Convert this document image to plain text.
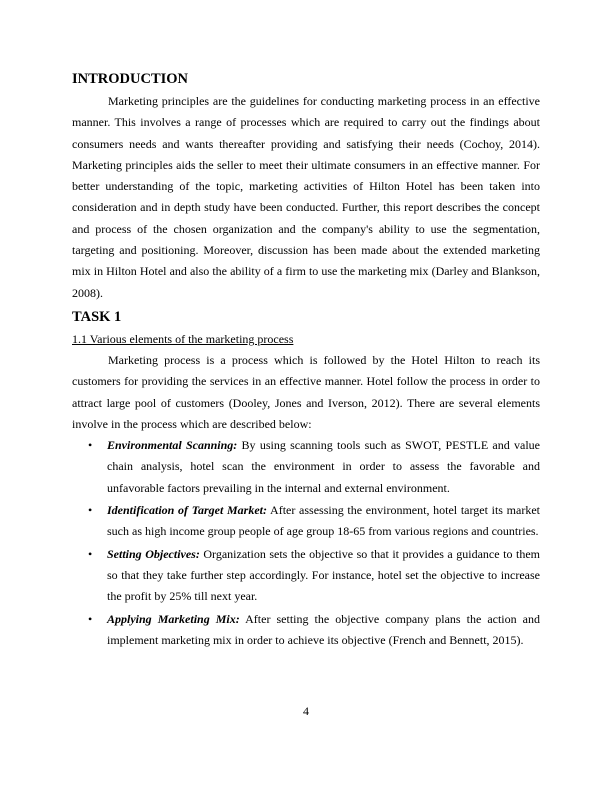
INTRODUCTION

Marketing principles are the guidelines for conducting marketing process in an effective manner. This involves a range of processes which are required to carry out the findings about consumers needs and wants thereafter providing and satisfying their needs (Cochoy, 2014). Marketing principles aids the seller to meet their ultimate consumers in an effective manner. For better understanding of the topic, marketing activities of Hilton Hotel has been taken into consideration and in depth study have been conducted. Further, this report describes the concept and process of the chosen organization and the company's ability to use the segmentation, targeting and positioning. Moreover, discussion has been made about the extended marketing mix in Hilton Hotel and also the ability of a firm to use the marketing mix (Darley and Blankson, 2008).

TASK 1
1.1 Various elements of the marketing process

Marketing process is a process which is followed by the Hotel Hilton to reach its customers for providing the services in an effective manner. Hotel follow the process in order to attract large pool of customers (Dooley, Jones and Iverson, 2012). There are several elements involve in the process which are described below:

• Environmental Scanning: By using scanning tools such as SWOT, PESTLE and value chain analysis, hotel scan the environment in order to assess the favorable and unfavorable factors prevailing in the internal and external environment.
• Identification of Target Market: After assessing the environment, hotel target its market such as high income group people of age group 18-65 from various regions and countries.
• Setting Objectives: Organization sets the objective so that it provides a guidance to them so that they take further step accordingly. For instance, hotel set the objective to increase the profit by 25% till next year.
• Applying Marketing Mix: After setting the objective company plans the action and implement marketing mix in order to achieve its objective (French and Bennett, 2015).
4
